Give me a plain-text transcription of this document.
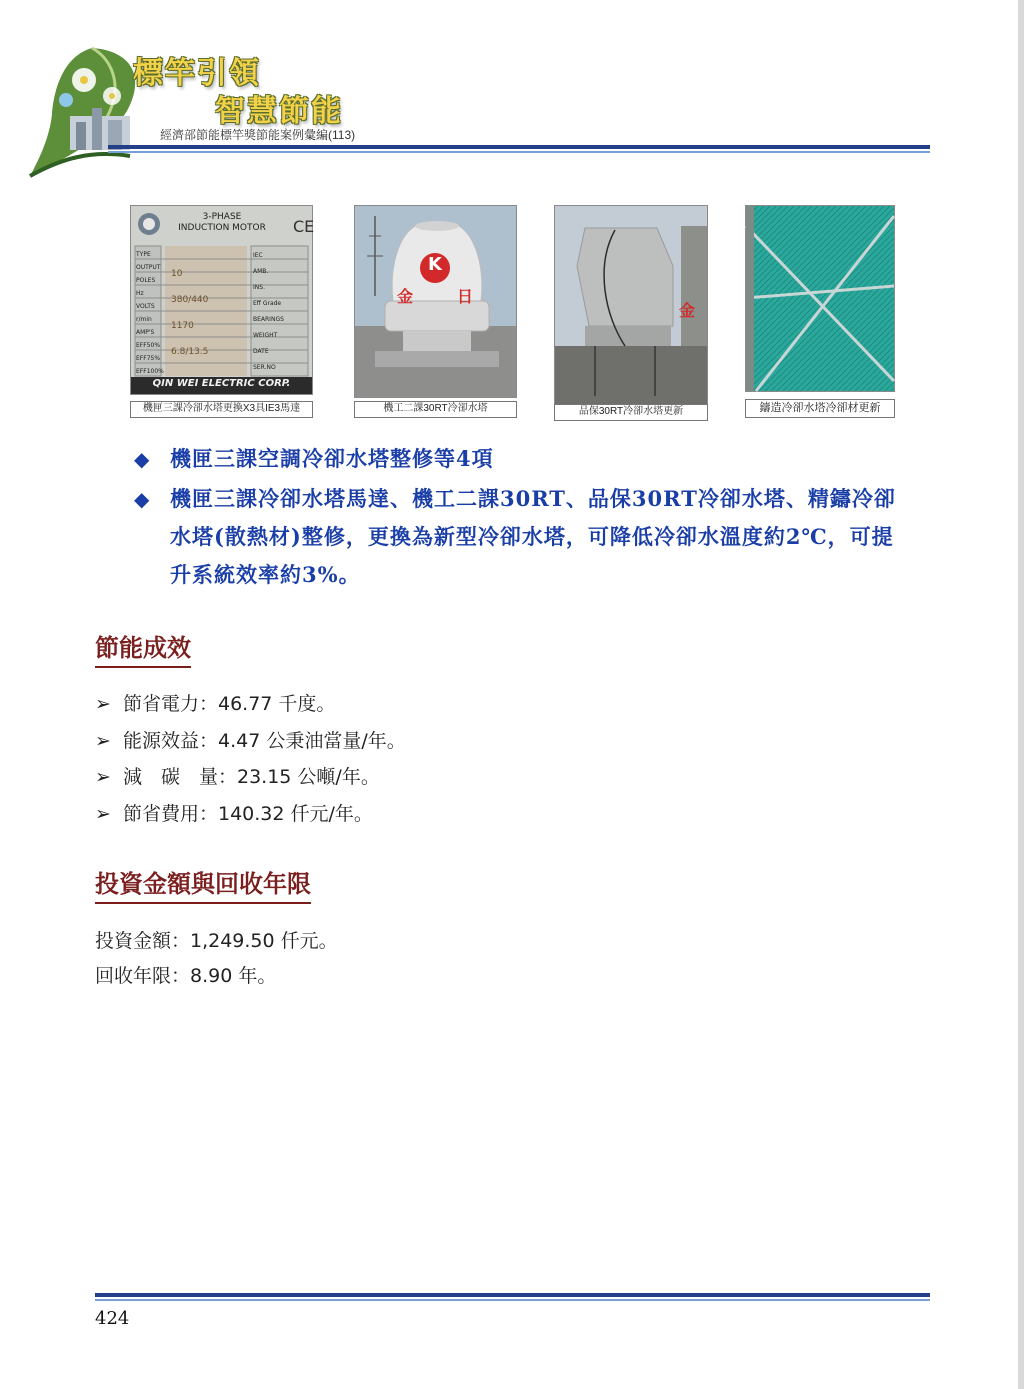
標竿引領
智慧節能
經濟部節能標竿獎節能案例彙編(113)
CE
3-PHASE INDUCTION MOTOR
TYPE
OUTPUT
POLES
Hz
VOLTS
r/min
AMP'S
EFF50%
EFF75%
EFF100%
10
380/440
1170
6.8/13.5
IEC
AMB.
INS.
Eff Grade
BEARINGS
WEIGHT
DATE
SER.NO
QIN WEI ELECTRIC CORP.
機匣三課冷卻水塔更換X3具IE3馬達
K
金	日
機工二課30RT冷卻水塔
金
品保30RT冷卻水塔更新	鑄造冷卻水塔冷卻材更新
◆ 機匣三課空調冷卻水塔整修等4項
◆ 機匣三課冷卻水塔馬達、機工二課30RT、品保30RT冷卻水塔、精鑄冷卻水塔(散熱材)整修，更換為新型冷卻水塔，可降低冷卻水溫度約2℃，可提升系統效率約3%。
節能成效
➢ 節省電力：46.77 千度。
➢ 能源效益：4.47 公秉油當量/年。
➢ 減　碳　量：23.15 公噸/年。
➢ 節省費用：140.32 仟元/年。
投資金額與回收年限
投資金額：1,249.50 仟元。
回收年限：8.90 年。
424
